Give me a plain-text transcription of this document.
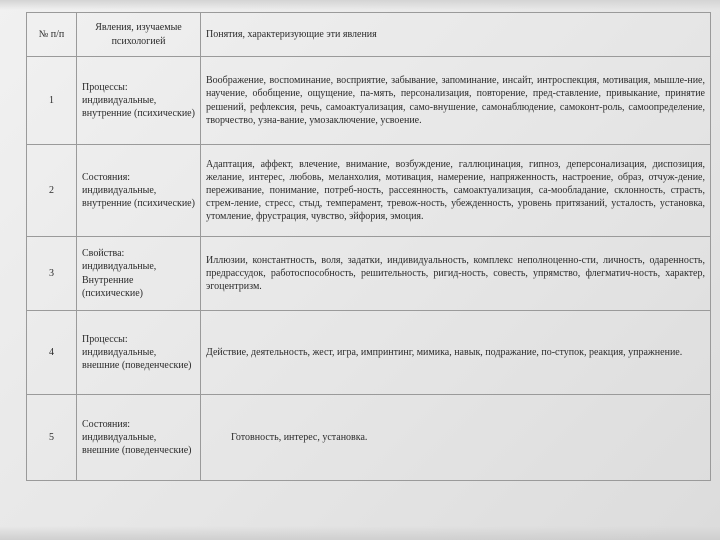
№ п/п	Явления, изучаемые психологией	Понятия, характеризующие эти явления
1	Процессы: индивидуальные, внутренние (психические)	Воображение, воспоминание, восприятие, забывание, запоминание, инсайт, интроспекция, мотивация, мышле-ние, научение, обобщение, ощущение, па-мять, персонализация, повторение, пред-ставление, привыкание, принятие решений, рефлексия, речь, самоактуализация, само-внушение, самонаблюдение, самоконт-роль, самоопределение, творчество, узна-вание, умозаключение, усвоение.
2	Состояния: индивидуальные, внутренние (психические)	Адаптация, аффект, влечение, внимание, возбуждение, галлюцинация, гипноз, деперсонализация, диспозиция, желание, интерес, любовь, меланхолия, мотивация, намерение, напряженность, настроение, образ, отчуж-дение, переживание, понимание, потреб-ность, рассеянность, самоактуализация, са-мообладание, склонность, страсть, стрем-ление, стресс, стыд, темперамент, тревож-ность, убежденность, уровень притязаний, усталость, установка, утомление, фрустрация, чувство, эйфория, эмоция.
3	Свойства: индивидуальные, Внутренние (психические)	Иллюзии, константность, воля, задатки, индивидуальность, комплекс неполноценно-сти, личность, одаренность, предрассудок, работоспособность, решительность, ригид-ность, совесть, упрямство, флегматич-ность, характер, эгоцентризм.
4	Процессы: индивидуальные, внешние (поведенческие)	Действие, деятельность, жест, игра, импринтинг, мимика, навык, подражание, по-ступок, реакция, упражнение.
5	Состояния: индивидуальные, внешние (поведенческие)	Готовность, интерес, установка.
